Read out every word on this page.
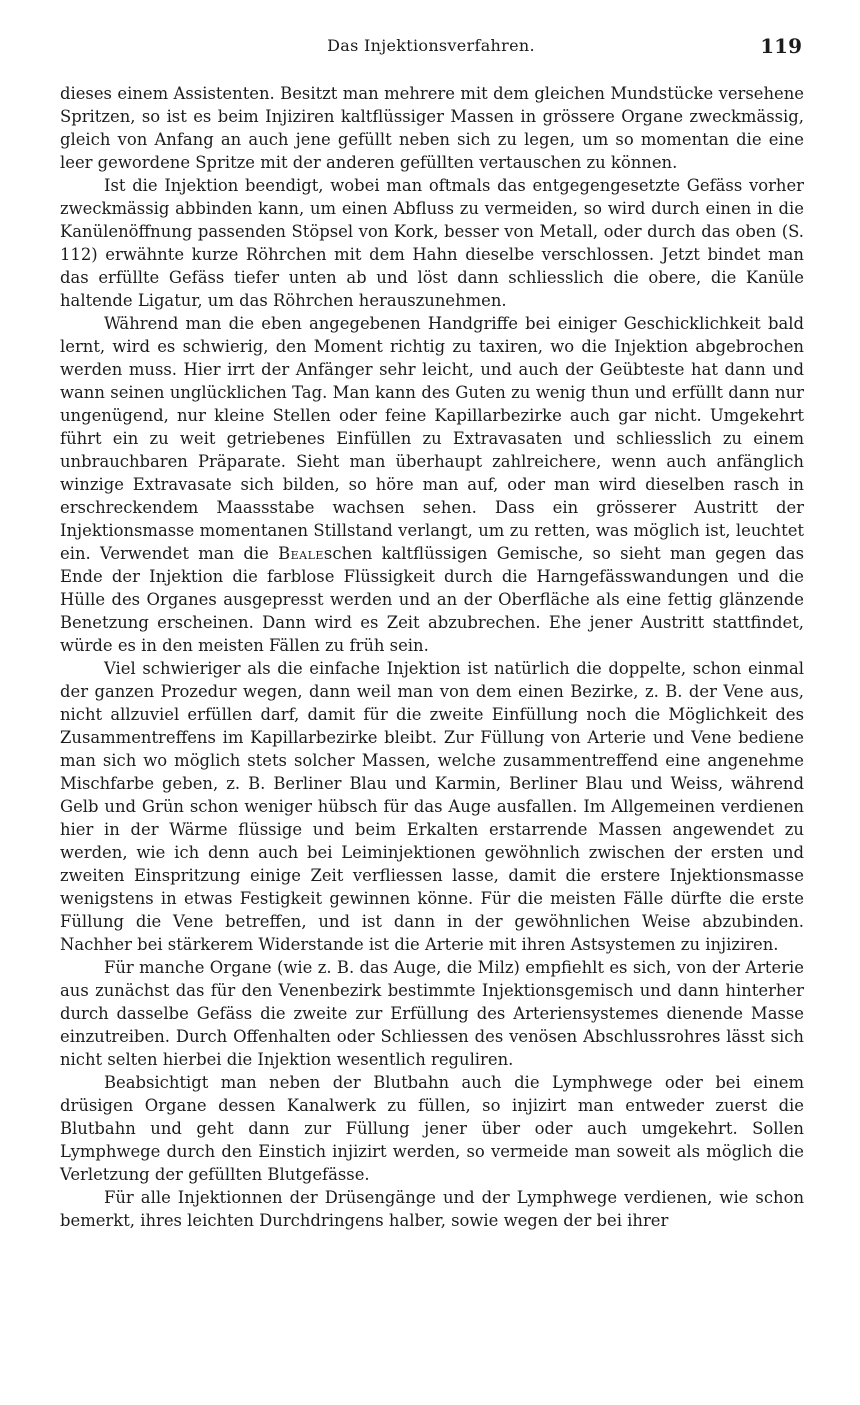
Das Injektionsverfahren.	119

dieses einem Assistenten. Besitzt man mehrere mit dem gleichen Mundstücke versehene Spritzen, so ist es beim Injiziren kaltflüssiger Massen in grössere Organe zweckmässig, gleich von Anfang an auch jene gefüllt neben sich zu legen, um so momentan die eine leer gewordene Spritze mit der anderen gefüllten vertauschen zu können.

Ist die Injektion beendigt, wobei man oftmals das entgegengesetzte Gefäss vorher zweckmässig abbinden kann, um einen Abfluss zu vermeiden, so wird durch einen in die Kanülenöffnung passenden Stöpsel von Kork, besser von Metall, oder durch das oben (S. 112) erwähnte kurze Röhrchen mit dem Hahn dieselbe verschlossen. Jetzt bindet man das erfüllte Gefäss tiefer unten ab und löst dann schliesslich die obere, die Kanüle haltende Ligatur, um das Röhrchen herauszunehmen.

Während man die eben angegebenen Handgriffe bei einiger Geschicklichkeit bald lernt, wird es schwierig, den Moment richtig zu taxiren, wo die Injektion abgebrochen werden muss. Hier irrt der Anfänger sehr leicht, und auch der Geübteste hat dann und wann seinen unglücklichen Tag. Man kann des Guten zu wenig thun und erfüllt dann nur ungenügend, nur kleine Stellen oder feine Kapillarbezirke auch gar nicht. Umgekehrt führt ein zu weit getriebenes Einfüllen zu Extravasaten und schliesslich zu einem unbrauchbaren Präparate. Sieht man überhaupt zahlreichere, wenn auch anfänglich winzige Extravasate sich bilden, so höre man auf, oder man wird dieselben rasch in erschreckendem Maassstabe wachsen sehen. Dass ein grösserer Austritt der Injektionsmasse momentanen Stillstand verlangt, um zu retten, was möglich ist, leuchtet ein. Verwendet man die Bealeschen kaltflüssigen Gemische, so sieht man gegen das Ende der Injektion die farblose Flüssigkeit durch die Harngefässwandungen und die Hülle des Organes ausgepresst werden und an der Oberfläche als eine fettig glänzende Benetzung erscheinen. Dann wird es Zeit abzubrechen. Ehe jener Austritt stattfindet, würde es in den meisten Fällen zu früh sein.

Viel schwieriger als die einfache Injektion ist natürlich die doppelte, schon einmal der ganzen Prozedur wegen, dann weil man von dem einen Bezirke, z. B. der Vene aus, nicht allzuviel erfüllen darf, damit für die zweite Einfüllung noch die Möglichkeit des Zusammentreffens im Kapillarbezirke bleibt. Zur Füllung von Arterie und Vene bediene man sich wo möglich stets solcher Massen, welche zusammentreffend eine angenehme Mischfarbe geben, z. B. Berliner Blau und Karmin, Berliner Blau und Weiss, während Gelb und Grün schon weniger hübsch für das Auge ausfallen. Im Allgemeinen verdienen hier in der Wärme flüssige und beim Erkalten erstarrende Massen angewendet zu werden, wie ich denn auch bei Leiminjektionen gewöhnlich zwischen der ersten und zweiten Einspritzung einige Zeit verfliessen lasse, damit die erstere Injektionsmasse wenigstens in etwas Festigkeit gewinnen könne. Für die meisten Fälle dürfte die erste Füllung die Vene betreffen, und ist dann in der gewöhnlichen Weise abzubinden. Nachher bei stärkerem Widerstande ist die Arterie mit ihren Astsystemen zu injiziren.

Für manche Organe (wie z. B. das Auge, die Milz) empfiehlt es sich, von der Arterie aus zunächst das für den Venenbezirk bestimmte Injektionsgemisch und dann hinterher durch dasselbe Gefäss die zweite zur Erfüllung des Arteriensystemes dienende Masse einzutreiben. Durch Offenhalten oder Schliessen des venösen Abschlussrohres lässt sich nicht selten hierbei die Injektion wesentlich reguliren.

Beabsichtigt man neben der Blutbahn auch die Lymphwege oder bei einem drüsigen Organe dessen Kanalwerk zu füllen, so injizirt man entweder zuerst die Blutbahn und geht dann zur Füllung jener über oder auch umgekehrt. Sollen Lymphwege durch den Einstich injizirt werden, so vermeide man soweit als möglich die Verletzung der gefüllten Blutgefässe.

Für alle Injektionnen der Drüsengänge und der Lymphwege verdienen, wie schon bemerkt, ihres leichten Durchdringens halber, sowie wegen der bei ihrer
